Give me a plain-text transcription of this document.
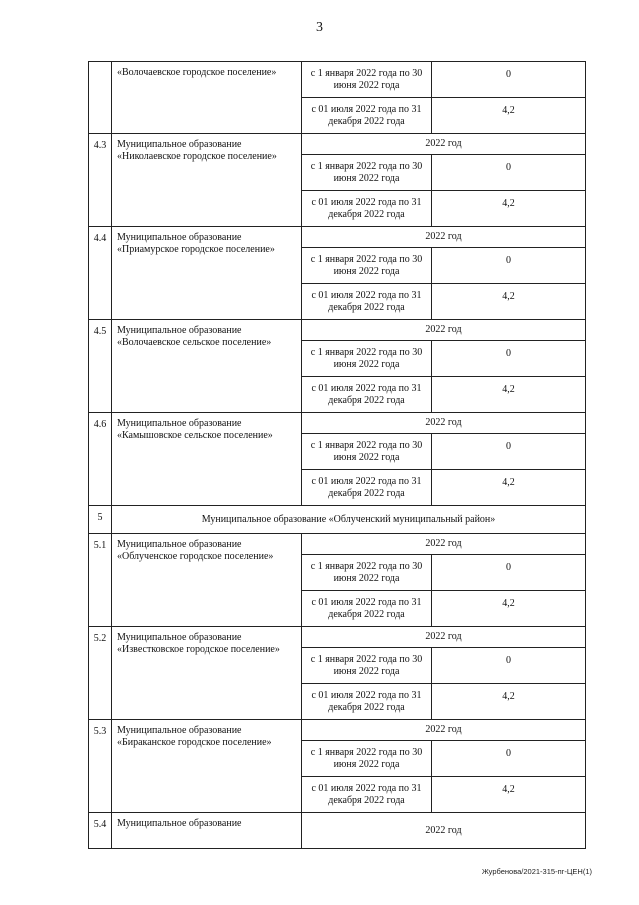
3
	«Волочаевское городское поселение»	с 1 января 2022 года по 30 июня 2022 года	0
		с 01 июля 2022 года по 31 декабря 2022 года	4,2
4.3	Муниципальное образование «Николаевское городское поселение»	2022 год	
		с 1 января 2022 года по 30 июня 2022 года	0
		с 01 июля 2022 года по 31 декабря 2022 года	4,2
4.4	Муниципальное образование «Приамурское городское поселение»	2022 год	
		с 1 января 2022 года по 30 июня 2022 года	0
		с 01 июля 2022 года по 31 декабря 2022 года	4,2
4.5	Муниципальное образование «Волочаевское сельское поселение»	2022 год	
		с 1 января 2022 года по 30 июня 2022 года	0
		с 01 июля 2022 года по 31 декабря 2022 года	4,2
4.6	Муниципальное образование «Камышовское сельское поселение»	2022 год	
		с 1 января 2022 года по 30 июня 2022 года	0
		с 01 июля 2022 года по 31 декабря 2022 года	4,2
5	Муниципальное образование «Облученский муниципальный район»		
5.1	Муниципальное образование «Облученское городское поселение»	2022 год	
		с 1 января 2022 года по 30 июня 2022 года	0
		с 01 июля 2022 года по 31 декабря 2022 года	4,2
5.2	Муниципальное образование «Известковское городское поселение»	2022 год	
		с 1 января 2022 года по 30 июня 2022 года	0
		с 01 июля 2022 года по 31 декабря 2022 года	4,2
5.3	Муниципальное образование «Бираканское городское поселение»	2022 год	
		с 1 января 2022 года по 30 июня 2022 года	0
		с 01 июля 2022 года по 31 декабря 2022 года	4,2
5.4	Муниципальное образование	2022 год	
Журбенова/2021-315-пг-ЦЕН(1)
